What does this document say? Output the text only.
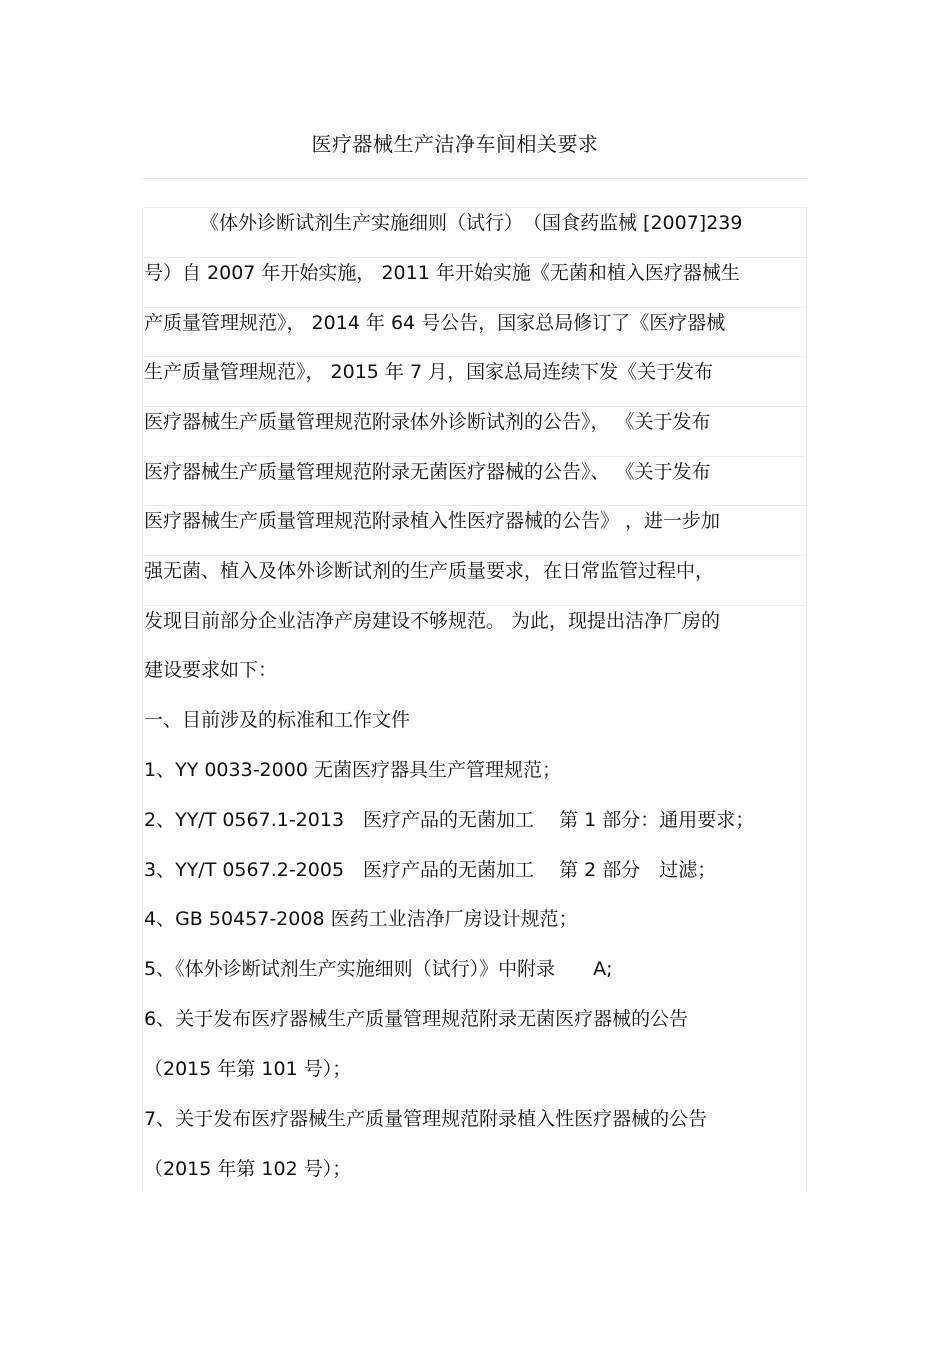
医疗器械生产洁净车间相关要求
《体外诊断试剂生产实施细则（试行）　（国食药监械 [2007]239
号）自 2007 年开始实施， 2011 年开始实施《无菌和植入医疗器械生
产质量管理规范》， 2014 年 64 号公告，国家总局修订了《医疗器械
生产质量管理规范》， 2015 年 7 月，国家总局连续下发《关于发布
医疗器械生产质量管理规范附录体外诊断试剂的公告》， 《关于发布
医疗器械生产质量管理规范附录无菌医疗器械的公告》、 《关于发布
医疗器械生产质量管理规范附录植入性医疗器械的公告》 ，进一步加
强无菌、植入及体外诊断试剂的生产质量要求，在日常监管过程中，
发现目前部分企业洁净产房建设不够规范。 为此，现提出洁净厂房的
建设要求如下：
一、目前涉及的标准和工作文件
1、YY 0033-2000 无菌医疗器具生产管理规范；
2、YY/T 0567.1-2013　医疗产品的无菌加工　 第 1 部分：通用要求；
3、YY/T 0567.2-2005　医疗产品的无菌加工　 第 2 部分　过滤；
4、GB 50457-2008 医药工业洁净厂房设计规范；
5、《体外诊断试剂生产实施细则（试行）》中附录　　A;
6、关于发布医疗器械生产质量管理规范附录无菌医疗器械的公告
（2015 年第 101 号）；
7、关于发布医疗器械生产质量管理规范附录植入性医疗器械的公告
（2015 年第 102 号）；
